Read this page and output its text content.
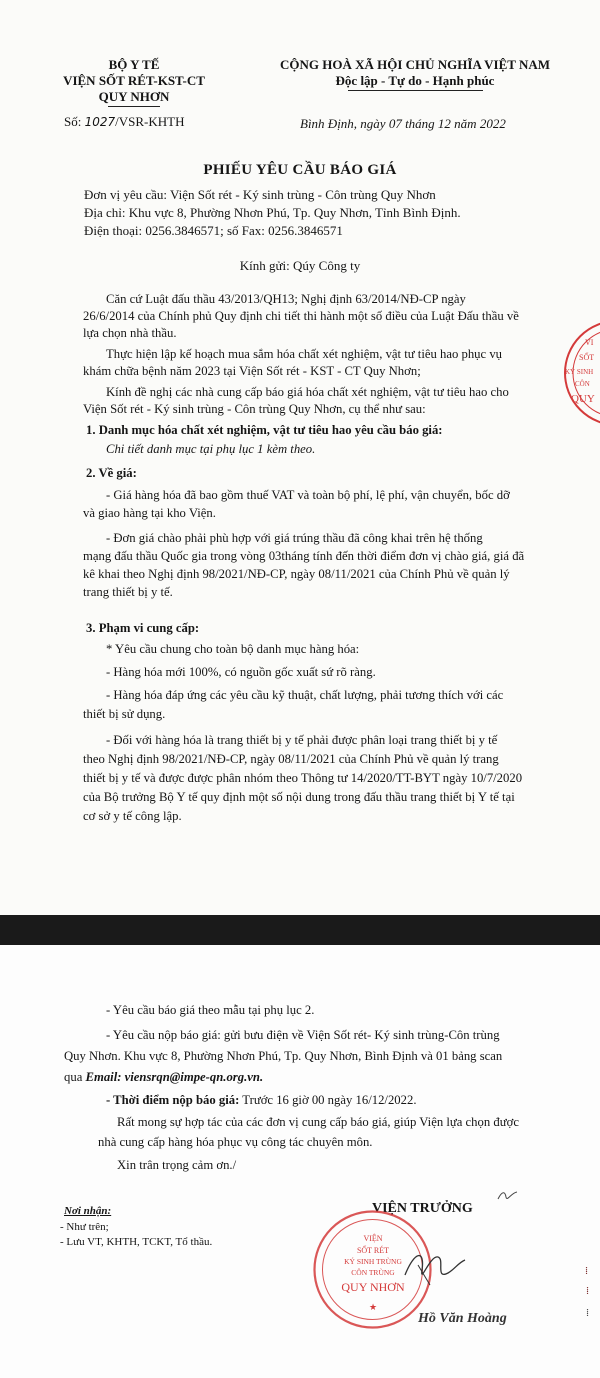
BỘ Y TẾ
VIỆN SỐT RÉT-KST-CT
QUY NHƠN
Số: 1027/VSR-KHTH
CỘNG HOÀ XÃ HỘI CHỦ NGHĨA VIỆT NAM
Độc lập - Tự do - Hạnh phúc
Bình Định, ngày 07 tháng 12 năm 2022
PHIẾU YÊU CẦU BÁO GIÁ
Đơn vị yêu cầu: Viện Sốt rét - Ký sinh trùng - Côn trùng Quy Nhơn
Địa chỉ: Khu vực 8, Phường Nhơn Phú, Tp. Quy Nhơn, Tỉnh Bình Định.
Điện thoại: 0256.3846571; số Fax: 0256.3846571
Kính gửi: Qúy Công ty
Căn cứ Luật đấu thầu 43/2013/QH13; Nghị định 63/2014/NĐ-CP ngày
26/6/2014 của Chính phủ Quy định chi tiết thi hành một số điều của Luật Đấu thầu về
lựa chọn nhà thầu.
Thực hiện lập kế hoạch mua sắm hóa chất xét nghiệm, vật tư tiêu hao phục vụ
khám chữa bệnh năm 2023 tại Viện Sốt rét - KST - CT Quy Nhơn;
Kính đề nghị các nhà cung cấp báo giá hóa chất xét nghiệm, vật tư tiêu hao cho
Viện Sốt rét - Ký sinh trùng - Côn trùng Quy Nhơn, cụ thể như sau:
1. Danh mục hóa chất xét nghiệm, vật tư tiêu hao yêu cầu báo giá:
Chi tiết danh mục tại phụ lục 1 kèm theo.
2. Về giá:
- Giá hàng hóa đã bao gồm thuế VAT và toàn bộ phí, lệ phí, vận chuyển, bốc dỡ
và giao hàng tại kho Viện.
- Đơn giá chào phải phù hợp với giá trúng thầu đã công khai trên hệ thống
mạng đấu thầu Quốc gia trong vòng 03tháng tính đến thời điểm đơn vị chào giá, giá đã
kê khai theo Nghị định 98/2021/NĐ-CP, ngày 08/11/2021 của Chính Phủ về quản lý
trang thiết bị y tế.
3. Phạm vi cung cấp:
* Yêu cầu chung cho toàn bộ danh mục hàng hóa:
- Hàng hóa mới 100%, có nguồn gốc xuất sứ rõ ràng.
- Hàng hóa đáp ứng các yêu cầu kỹ thuật, chất lượng, phải tương thích với các
thiết bị sử dụng.
- Đối với hàng hóa là trang thiết bị y tế phải được phân loại trang thiết bị y tế
theo Nghị định 98/2021/NĐ-CP, ngày 08/11/2021 của Chính Phủ về quản lý trang
thiết bị y tế và được được phân nhóm theo Thông tư 14/2020/TT-BYT ngày 10/7/2020
của Bộ trưởng Bộ Y tế quy định một số nội dung trong đấu thầu trang thiết bị Y tế tại
cơ sở y tế công lập.
VI
SỐT
KÝ SINH
CÔN
QUY
- Yêu cầu báo giá theo mẫu tại phụ lục 2.
- Yêu cầu nộp báo giá: gửi bưu điện về Viện Sốt rét- Ký sinh trùng-Côn trùng
Quy Nhơn. Khu vực 8, Phường Nhơn Phú, Tp. Quy Nhơn, Bình Định và 01 bảng scan
qua Email: viensrqn@impe-qn.org.vn.
- Thời điểm nộp báo giá: Trước 16 giờ 00 ngày 16/12/2022.
Rất mong sự hợp tác của các đơn vị cung cấp báo giá, giúp Viện lựa chọn được
nhà cung cấp hàng hóa phục vụ công tác chuyên môn.
Xin trân trọng cảm ơn./
Nơi nhận:
- Như trên;
- Lưu VT, KHTH, TCKT, Tổ thầu.
VIỆN TRƯỞNG
VIỆN
SỐT RÉT
KÝ SINH TRÙNG
CÔN TRÙNG
QUY NHƠN
★
Hồ Văn Hoàng
⁞
⁞
⁞
